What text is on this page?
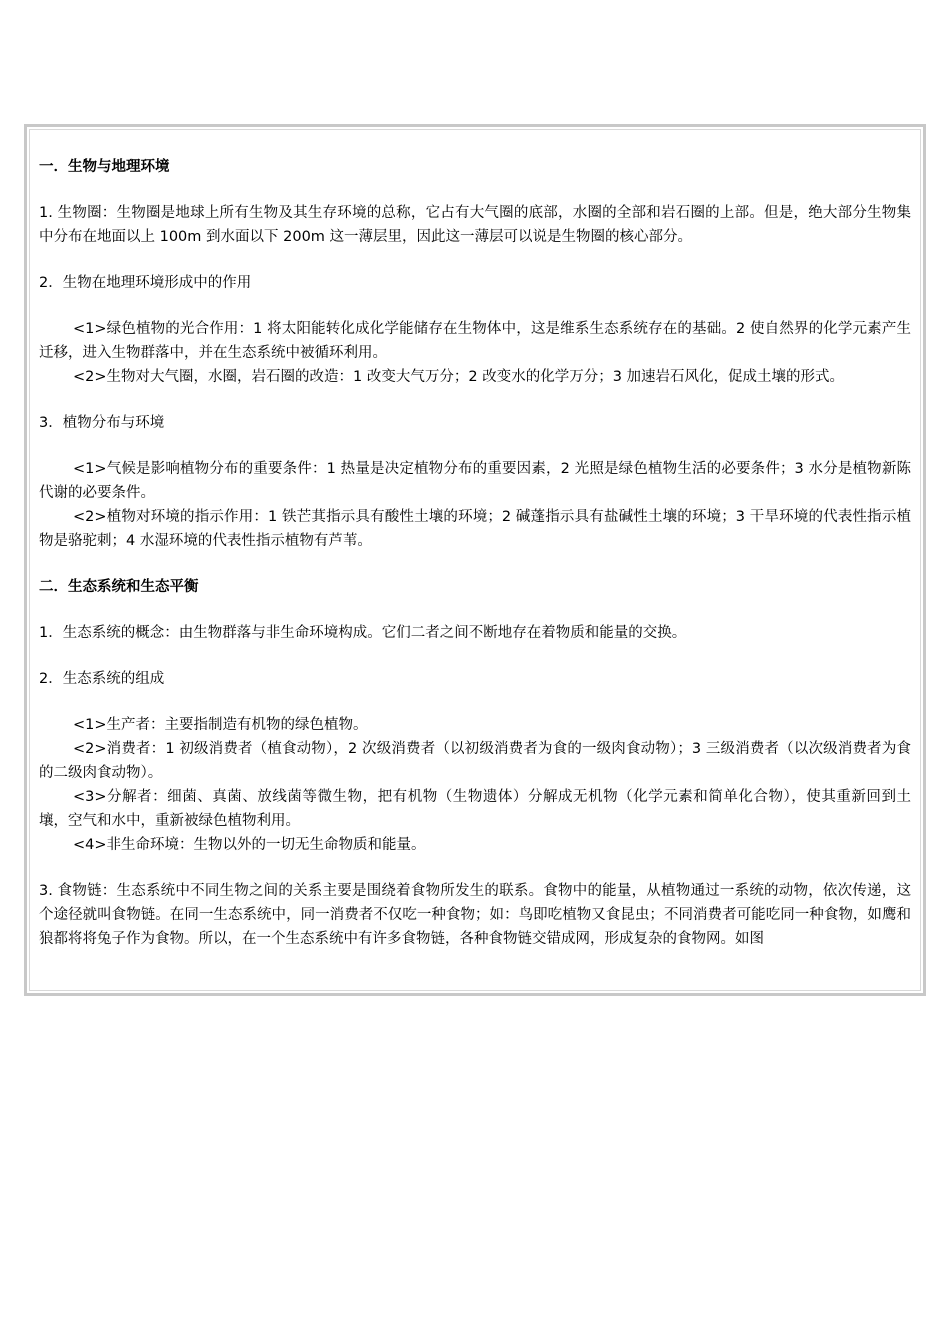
一．生物与地理环境

1. 生物圈：生物圈是地球上所有生物及其生存环境的总称，它占有大气圈的底部，水圈的全部和岩石圈的上部。但是，绝大部分生物集中分布在地面以上 100m 到水面以下 200m 这一薄层里，因此这一薄层可以说是生物圈的核心部分。

2．生物在地理环境形成中的作用

<1>绿色植物的光合作用：1 将太阳能转化成化学能储存在生物体中，这是维系生态系统存在的基础。2 使自然界的化学元素产生迁移，进入生物群落中，并在生态系统中被循环利用。

<2>生物对大气圈，水圈，岩石圈的改造：1 改变大气万分；2 改变水的化学万分；3 加速岩石风化，促成土壤的形式。

3．植物分布与环境

<1>气候是影响植物分布的重要条件：1 热量是决定植物分布的重要因素，2 光照是绿色植物生活的必要条件；3 水分是植物新陈代谢的必要条件。

<2>植物对环境的指示作用：1 铁芒萁指示具有酸性土壤的环境；2 碱蓬指示具有盐碱性土壤的环境；3 干旱环境的代表性指示植物是骆驼刺；4 水湿环境的代表性指示植物有芦苇。

二．生态系统和生态平衡

1．生态系统的概念：由生物群落与非生命环境构成。它们二者之间不断地存在着物质和能量的交换。

2．生态系统的组成

<1>生产者：主要指制造有机物的绿色植物。

<2>消费者：1 初级消费者（植食动物），2 次级消费者（以初级消费者为食的一级肉食动物）；3 三级消费者（以次级消费者为食的二级肉食动物）。

<3>分解者：细菌、真菌、放线菌等微生物，把有机物（生物遗体）分解成无机物（化学元素和简单化合物），使其重新回到土壤，空气和水中，重新被绿色植物利用。

<4>非生命环境：生物以外的一切无生命物质和能量。

3. 食物链：生态系统中不同生物之间的关系主要是围绕着食物所发生的联系。食物中的能量，从植物通过一系统的动物，依次传递，这个途径就叫食物链。在同一生态系统中，同一消费者不仅吃一种食物；如：鸟即吃植物又食昆虫；不同消费者可能吃同一种食物，如鹰和狼都将将兔子作为食物。所以，在一个生态系统中有许多食物链，各种食物链交错成网，形成复杂的食物网。如图
